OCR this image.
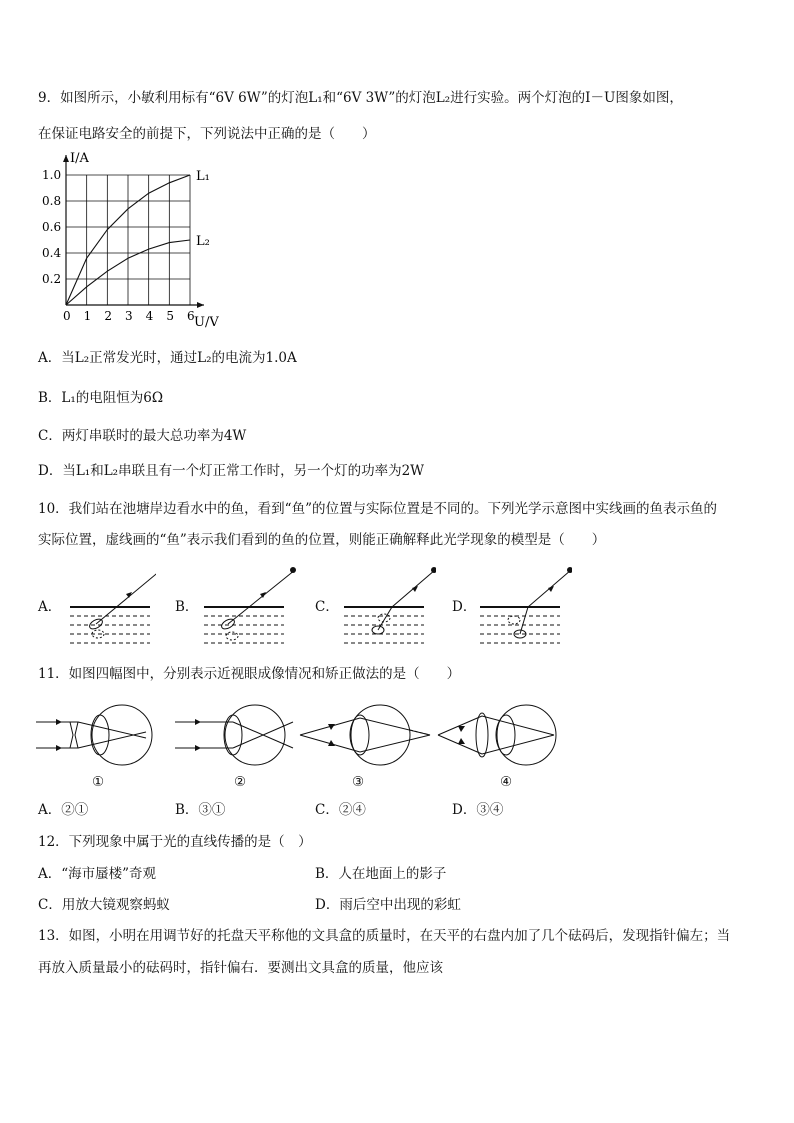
9．如图所示，小敏利用标有“6V 6W”的灯泡L₁和“6V 3W”的灯泡L₂进行实验。两个灯泡的I－U图象如图，
在保证电路安全的前提下，下列说法中正确的是（　　）
0 1 2 3 4 5 6
0.2
0.4
0.6
0.8
1.0	L₁
L₂
I/A
U/V
A．当L₂正常发光时，通过L₂的电流为1.0A
B．L₁的电阻恒为6Ω
C．两灯串联时的最大总功率为4W
D．当L₁和L₂串联且有一个灯正常工作时，另一个灯的功率为2W
10．我们站在池塘岸边看水中的鱼，看到“鱼”的位置与实际位置是不同的。下列光学示意图中实线画的鱼表示鱼的
实际位置，虚线画的“鱼”表示我们看到的鱼的位置，则能正确解释此光学现象的模型是（　　）
A．	B．	C．	D．
11．如图四幅图中，分别表示近视眼成像情况和矫正做法的是（　　）
①	②	③	④
A．②①	B．③①	C．②④	D．③④
12．下列现象中属于光的直线传播的是（　）
A．“海市蜃楼”奇观	B．人在地面上的影子
C．用放大镜观察蚂蚁	D．雨后空中出现的彩虹
13．如图，小明在用调节好的托盘天平称他的文具盒的质量时，在天平的右盘内加了几个砝码后，发现指针偏左；当
再放入质量最小的砝码时，指针偏右．要测出文具盒的质量，他应该
